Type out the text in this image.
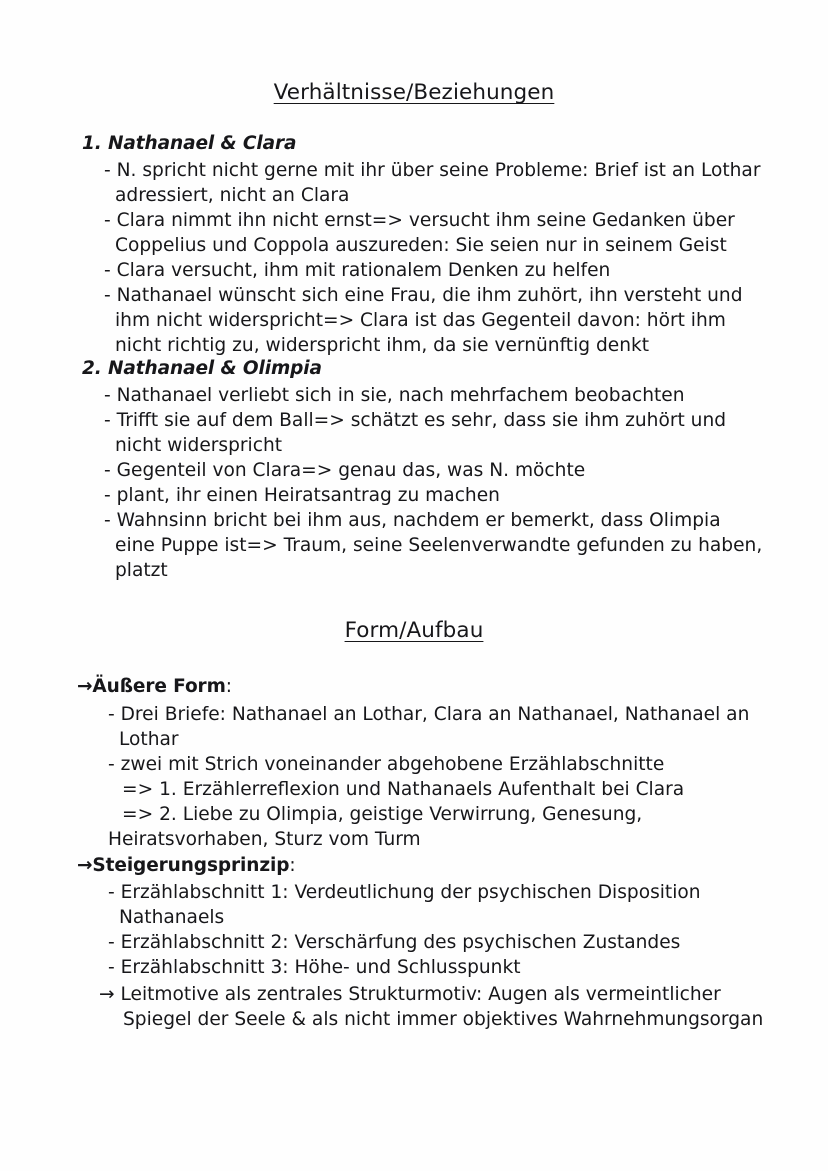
Verhältnisse/Beziehungen
1. Nathanael & Clara
- N. spricht nicht gerne mit ihr über seine Probleme: Brief ist an Lothar adressiert, nicht an Clara
- Clara nimmt ihn nicht ernst=> versucht ihm seine Gedanken über Coppelius und Coppola auszureden: Sie seien nur in seinem Geist
- Clara versucht, ihm mit rationalem Denken zu helfen
- Nathanael wünscht sich eine Frau, die ihm zuhört, ihn versteht und ihm nicht widerspricht=> Clara ist das Gegenteil davon: hört ihm nicht richtig zu, widerspricht ihm, da sie vernünftig denkt
2. Nathanael & Olimpia
- Nathanael verliebt sich in sie, nach mehrfachem beobachten
- Trifft sie auf dem Ball=> schätzt es sehr, dass sie ihm zuhört und nicht widerspricht
- Gegenteil von Clara=> genau das, was N. möchte
- plant, ihr einen Heiratsantrag zu machen
- Wahnsinn bricht bei ihm aus, nachdem er bemerkt, dass Olimpia eine Puppe ist=> Traum, seine Seelenverwandte gefunden zu haben, platzt
Form/Aufbau
→Äußere Form:
- Drei Briefe: Nathanael an Lothar, Clara an Nathanael, Nathanael an Lothar
- zwei mit Strich voneinander abgehobene Erzählabschnitte
=> 1. Erzählerreflexion und Nathanaels Aufenthalt bei Clara
=> 2. Liebe zu Olimpia, geistige Verwirrung, Genesung,
Heiratsvorhaben, Sturz vom Turm
→Steigerungsprinzip:
- Erzählabschnitt 1: Verdeutlichung der psychischen Disposition Nathanaels
- Erzählabschnitt 2: Verschärfung des psychischen Zustandes
- Erzählabschnitt 3: Höhe- und Schlusspunkt
→ Leitmotive als zentrales Strukturmotiv: Augen als vermeintlicher Spiegel der Seele & als nicht immer objektives Wahrnehmungsorgan
